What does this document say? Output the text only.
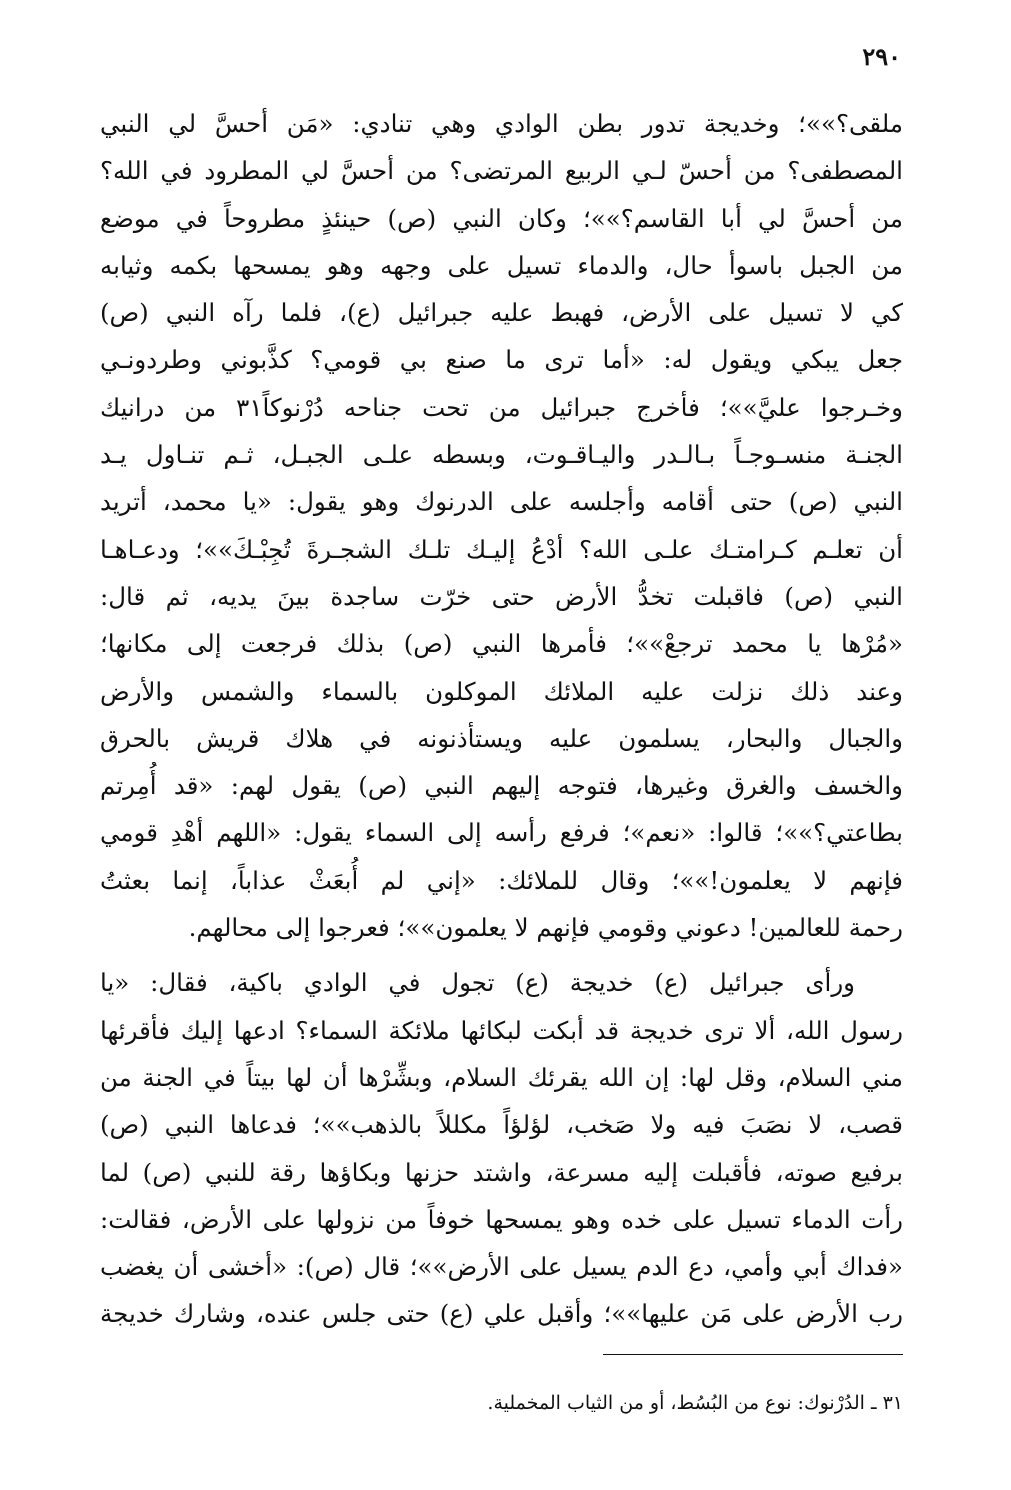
٢٩٠
ملقى؟»»؛ وخديجة تدور بطن الوادي وهي تنادي: «مَن أحسَّ لي النبي
المصطفى؟ من أحسّ لـي الربيع المرتضى؟ من أحسَّ لي المطرود في الله؟
من أحسَّ لي أبا القاسم؟»»؛ وكان النبي (ص) حينئذٍ مطروحاً في موضع
من الجبل باسوأ حال، والدماء تسيل على وجهه وهو يمسحها بكمه وثيابه
كي لا تسيل على الأرض، فهبط عليه جبرائيل (ع)، فلما رآه النبي (ص)
جعل يبكي ويقول له: «أما ترى ما صنع بي قومي؟ كذَّبوني وطردونـي
وخـرجوا عليَّ»»؛ فأخرج جبرائيل من تحت جناحه دُرْنوكاً٣١ من درانيك
الجنـة منسـوجـاً بـالـدر واليـاقـوت، وبسطه علـى الجبـل، ثـم تنـاول يـد
النبي (ص) حتى أقامه وأجلسه على الدرنوك وهو يقول: «يا محمد، أتريد
أن تعلـم كـرامتـك علـى الله؟ أدْعُ إليـك تلـك الشجـرةَ تُجِبْـكَ»»؛ ودعـاهـا
النبي (ص) فاقبلت تخدُّ الأرض حتى خرّت ساجدة بينَ يديه، ثم قال:
«مُرْها يا محمد ترجعْ»»؛ فأمرها النبي (ص) بذلك فرجعت إلى مكانها؛
وعند ذلك نزلت عليه الملائك الموكلون بالسماء والشمس والأرض
والجبال والبحار، يسلمون عليه ويستأذنونه في هلاك قريش بالحرق
والخسف والغرق وغيرها، فتوجه إليهم النبي (ص) يقول لهم: «قد أُمِرتم
بطاعتي؟»»؛ قالوا: «نعم»؛ فرفع رأسه إلى السماء يقول: «اللهم أهْدِ قومي
فإنهم لا يعلمون!»»؛ وقال للملائك: «إني لم أُبعَثْ عذاباً، إنما بعثتُ
رحمة للعالمين! دعوني وقومي فإنهم لا يعلمون»»؛ فعرجوا إلى محالهم.
ورأى جبرائيل (ع) خديجة (ع) تجول في الوادي باكية، فقال: «يا
رسول الله، ألا ترى خديجة قد أبكت لبكائها ملائكة السماء؟ ادعها إليك فأقرئها
مني السلام، وقل لها: إن الله يقرئك السلام، وبشِّرْها أن لها بيتاً في الجنة من
قصب، لا نصَبَ فيه ولا صَخب، لؤلؤاً مكللاً بالذهب»»؛ فدعاها النبي (ص)
برفيع صوته، فأقبلت إليه مسرعة، واشتد حزنها وبكاؤها رقة للنبي (ص) لما
رأت الدماء تسيل على خده وهو يمسحها خوفاً من نزولها على الأرض، فقالت:
«فداك أبي وأمي، دع الدم يسيل على الأرض»»؛ قال (ص): «أخشى أن يغضب
رب الأرض على مَن عليها»»؛ وأقبل علي (ع) حتى جلس عنده، وشارك خديجة
٣١ ـ الدُرْنوك: نوع من البُسُط، أو من الثياب المخملية.
